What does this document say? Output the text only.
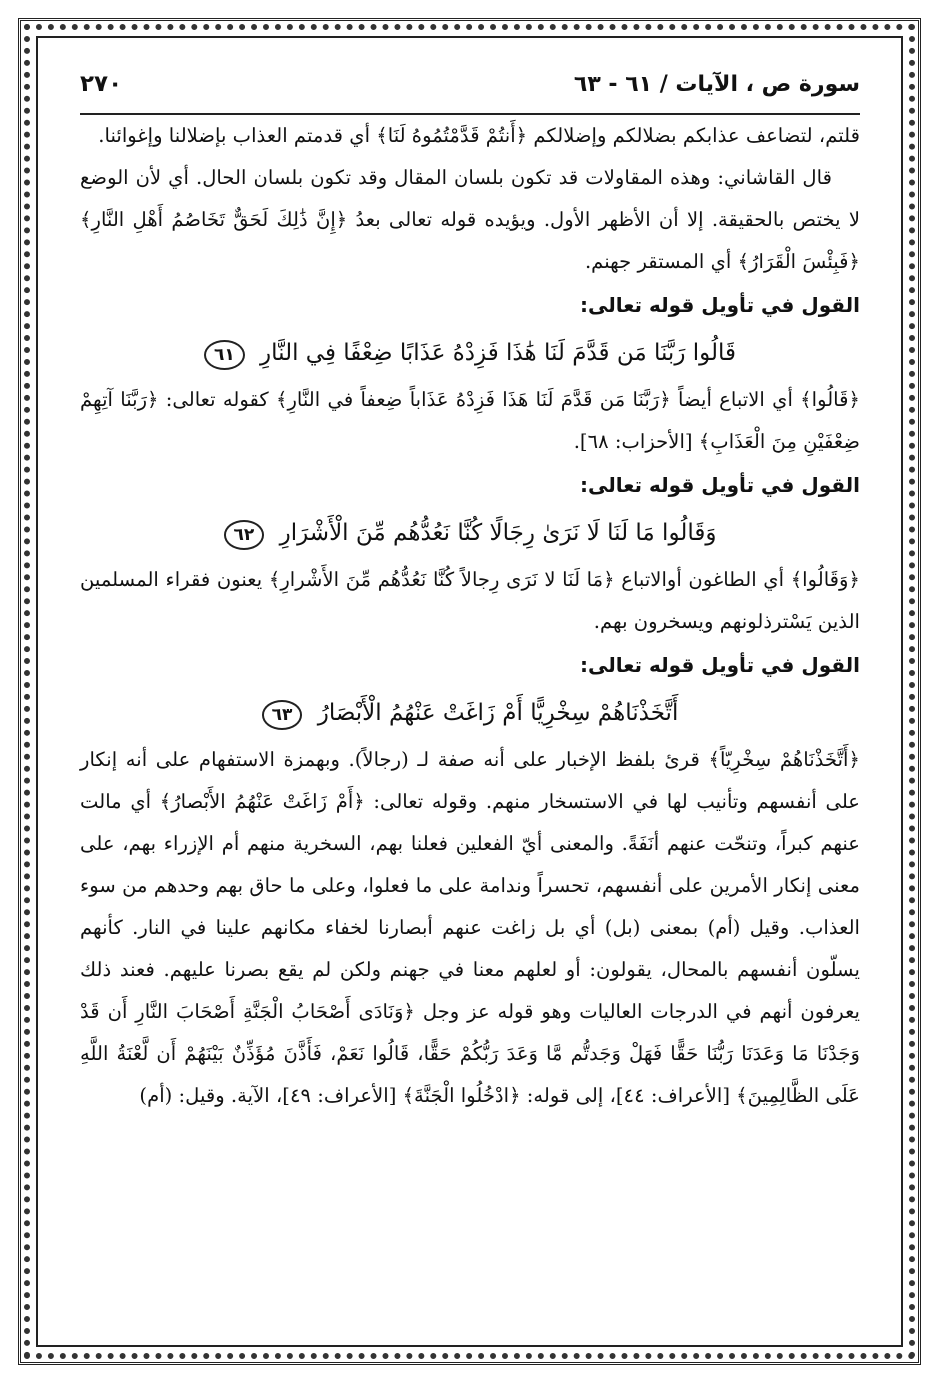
سورة ص ، الآيات / ٦١ - ٦٣
٢٧٠

قلتم، لتضاعف عذابكم بضلالكم وإضلالكم ﴿أَنتُمْ قَدَّمْتُمُوهُ لَنَا﴾ أي قدمتم العذاب بإضلالنا وإغوائنا.

قال القاشاني: وهذه المقاولات قد تكون بلسان المقال وقد تكون بلسان الحال. أي لأن الوضع لا يختص بالحقيقة. إلا أن الأظهر الأول. ويؤيده قوله تعالى بعدُ ﴿إِنَّ ذَٰلِكَ لَحَقٌّ تَخَاصُمُ أَهْلِ النَّارِ﴾ ﴿فَبِئْسَ الْقَرَارُ﴾ أي المستقر جهنم.

القول في تأويل قوله تعالى:

قَالُوا رَبَّنَا مَن قَدَّمَ لَنَا هَٰذَا فَزِدْهُ عَذَابًا ضِعْفًا فِي النَّارِ ٦١

﴿قَالُوا﴾ أي الاتباع أيضاً ﴿رَبَّنَا مَن قَدَّمَ لَنَا هَذَا فَزِدْهُ عَذَاباً ضِعفاً في النَّارِ﴾ كقوله تعالى: ﴿رَبَّنَا آتِهِمْ ضِعْفَيْنِ مِنَ الْعَذَابِ﴾ [الأحزاب: ٦٨].

القول في تأويل قوله تعالى:

وَقَالُوا مَا لَنَا لَا نَرَىٰ رِجَالًا كُنَّا نَعُدُّهُم مِّنَ الْأَشْرَارِ ٦٢

﴿وَقَالُوا﴾ أي الطاغون أوالاتباع ﴿مَا لَنَا لا نَرَى رِجالاً كُنَّا نَعُدُّهُم مِّنَ الأَشْرارِ﴾ يعنون فقراء المسلمين الذين يَسْترذلونهم ويسخرون بهم.

القول في تأويل قوله تعالى:

أَتَّخَذْنَاهُمْ سِخْرِيًّا أَمْ زَاغَتْ عَنْهُمُ الْأَبْصَارُ ٦٣

﴿أَتَّخَذْنَاهُمْ سِخْرِيّاً﴾ قرئ بلفظ الإخبار على أنه صفة لـ (رجالاً). وبهمزة الاستفهام على أنه إنكار على أنفسهم وتأنيب لها في الاستسخار منهم. وقوله تعالى: ﴿أَمْ زَاغَتْ عَنْهُمُ الأَبْصارُ﴾ أي مالت عنهم كبراً، وتنحّت عنهم أنَفَةً. والمعنى أيّ الفعلين فعلنا بهم، السخرية منهم أم الإزراء بهم، على معنى إنكار الأمرين على أنفسهم، تحسراً وندامة على ما فعلوا، وعلى ما حاق بهم وحدهم من سوء العذاب. وقيل (أم) بمعنى (بل) أي بل زاغت عنهم أبصارنا لخفاء مكانهم علينا في النار. كأنهم يسلّون أنفسهم بالمحال، يقولون: أو لعلهم معنا في جهنم ولكن لم يقع بصرنا عليهم. فعند ذلك يعرفون أنهم في الدرجات العاليات وهو قوله عز وجل ﴿وَنَادَى أَصْحَابُ الْجَنَّةِ أَصْحَابَ النَّارِ أَن قَدْ وَجَدْنَا مَا وَعَدَنَا رَبُّنَا حَقًّا فَهَلْ وَجَدتُّم مَّا وَعَدَ رَبُّكُمْ حَقًّا، قَالُوا نَعَمْ، فَأَذَّنَ مُؤَذِّنٌ بَيْنَهُمْ أَن لَّعْنَةُ اللَّهِ عَلَى الظَّالِمِينَ﴾ [الأعراف: ٤٤]، إلى قوله: ﴿ادْخُلُوا الْجَنَّةَ﴾ [الأعراف: ٤٩]، الآية. وقيل: (أم)
